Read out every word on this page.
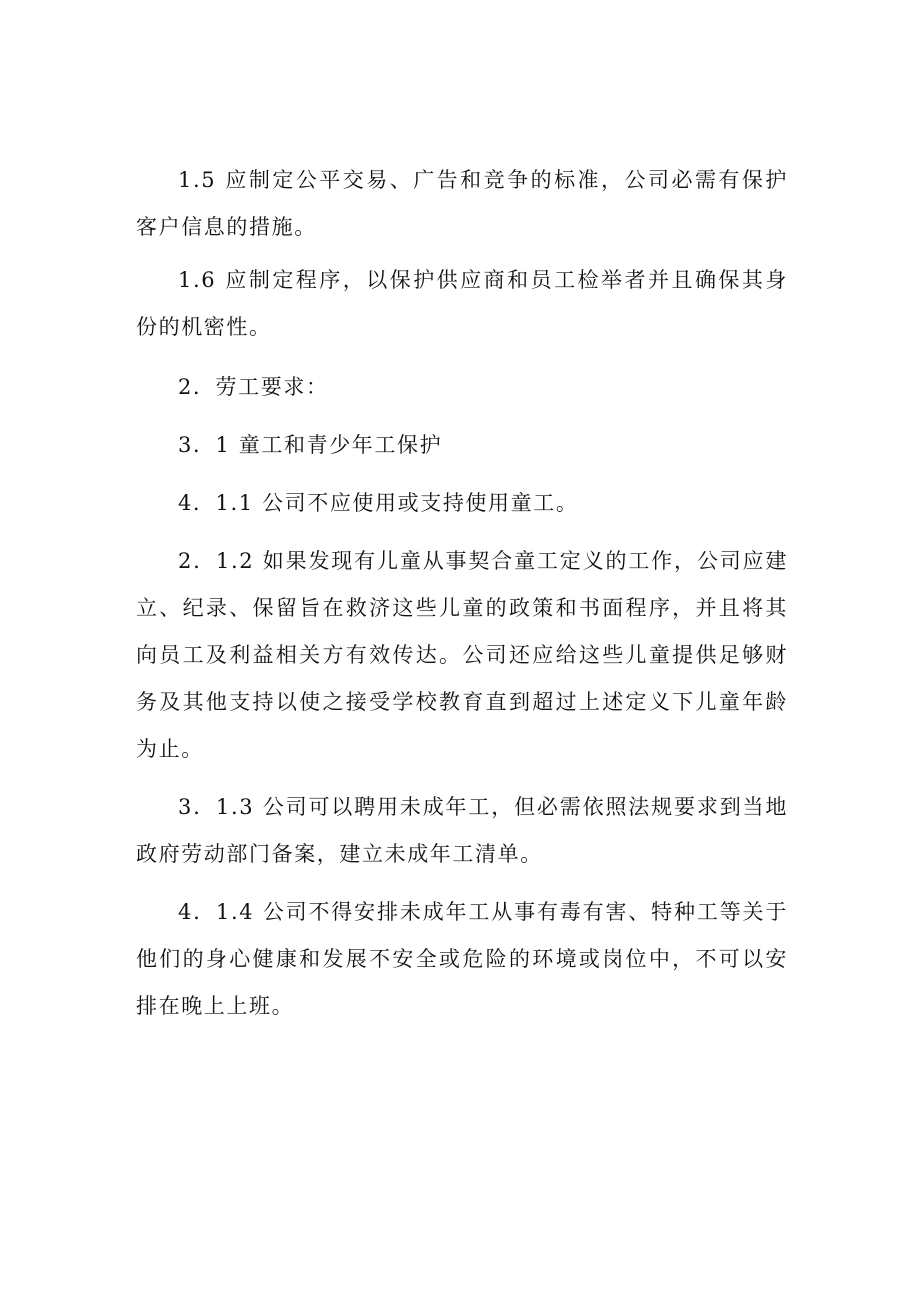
1.5 应制定公平交易、广告和竞争的标准，公司必需有保护客户信息的措施。

1.6 应制定程序，以保护供应商和员工检举者并且确保其身份的机密性。

2．劳工要求：

3．1 童工和青少年工保护

4．1.1 公司不应使用或支持使用童工。

2．1.2 如果发现有儿童从事契合童工定义的工作，公司应建立、纪录、保留旨在救济这些儿童的政策和书面程序，并且将其向员工及利益相关方有效传达。公司还应给这些儿童提供足够财务及其他支持以使之接受学校教育直到超过上述定义下儿童年龄为止。

3．1.3 公司可以聘用未成年工，但必需依照法规要求到当地政府劳动部门备案，建立未成年工清单。

4．1.4 公司不得安排未成年工从事有毒有害、特种工等关于他们的身心健康和发展不安全或危险的环境或岗位中，不可以安排在晚上上班。
